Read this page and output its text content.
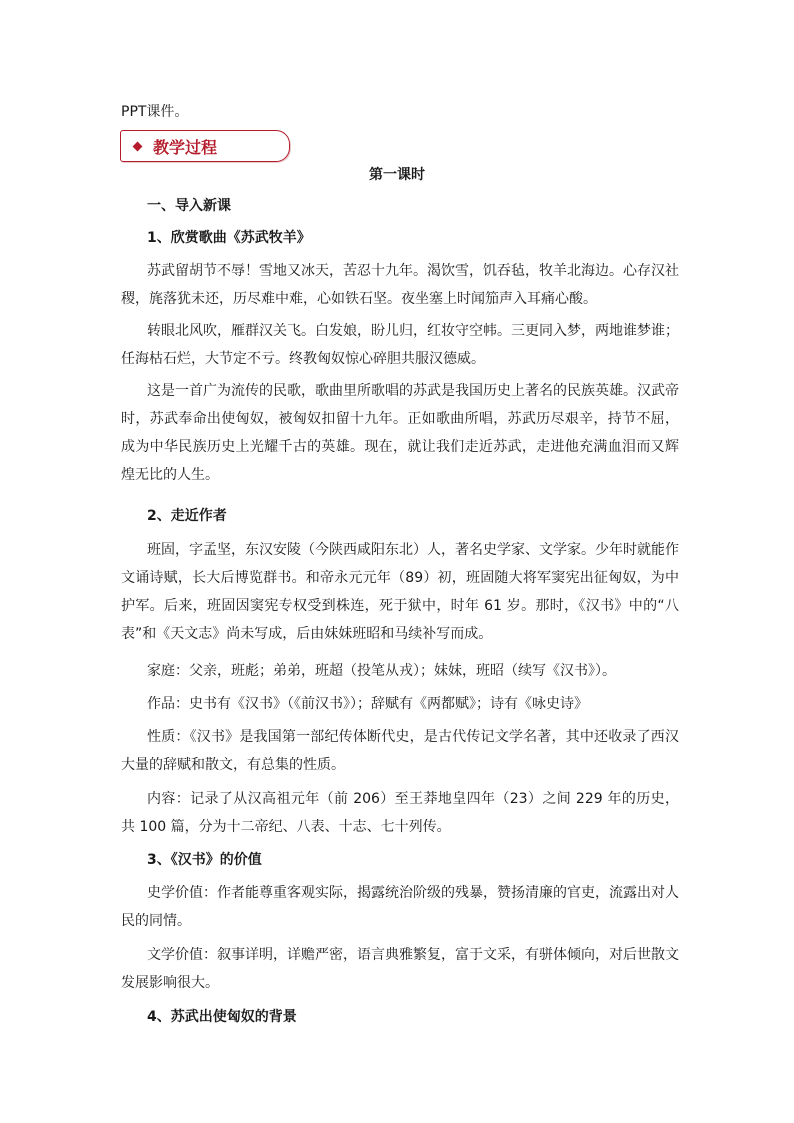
PPT课件。

教学过程
第一课时

一、导入新课

1、欣赏歌曲《苏武牧羊》

苏武留胡节不辱！雪地又冰天，苦忍十九年。渴饮雪，饥吞毡，牧羊北海边。心存汉社稷，旄落犹未还，历尽难中难，心如铁石坚。夜坐塞上时闻笳声入耳痛心酸。

转眼北风吹，雁群汉关飞。白发娘，盼儿归，红妆守空帏。三更同入梦，两地谁梦谁；任海枯石烂，大节定不亏。终教匈奴惊心碎胆共服汉德威。

这是一首广为流传的民歌，歌曲里所歌唱的苏武是我国历史上著名的民族英雄。汉武帝时，苏武奉命出使匈奴，被匈奴扣留十九年。正如歌曲所唱，苏武历尽艰辛，持节不屈，成为中华民族历史上光耀千古的英雄。现在，就让我们走近苏武，走进他充满血泪而又辉煌无比的人生。

2、走近作者

班固，字孟坚，东汉安陵（今陕西咸阳东北）人，著名史学家、文学家。少年时就能作文诵诗赋，长大后博览群书。和帝永元元年（89）初，班固随大将军窦宪出征匈奴，为中护军。后来，班固因窦宪专权受到株连，死于狱中，时年 61 岁。那时，《汉书》中的“八表”和《天文志》尚未写成，后由妹妹班昭和马续补写而成。

家庭：父亲，班彪；弟弟，班超（投笔从戎）；妹妹，班昭（续写《汉书》）。

作品：史书有《汉书》（《前汉书》）；辞赋有《两都赋》；诗有《咏史诗》

性质：《汉书》是我国第一部纪传体断代史，是古代传记文学名著，其中还收录了西汉大量的辞赋和散文，有总集的性质。

内容：记录了从汉高祖元年（前 206）至王莽地皇四年（23）之间 229 年的历史，共 100 篇，分为十二帝纪、八表、十志、七十列传。

3、《汉书》的价值

史学价值：作者能尊重客观实际，揭露统治阶级的残暴，赞扬清廉的官吏，流露出对人民的同情。

文学价值：叙事详明，详赡严密，语言典雅繁复，富于文采，有骈体倾向，对后世散文发展影响很大。

4、苏武出使匈奴的背景
